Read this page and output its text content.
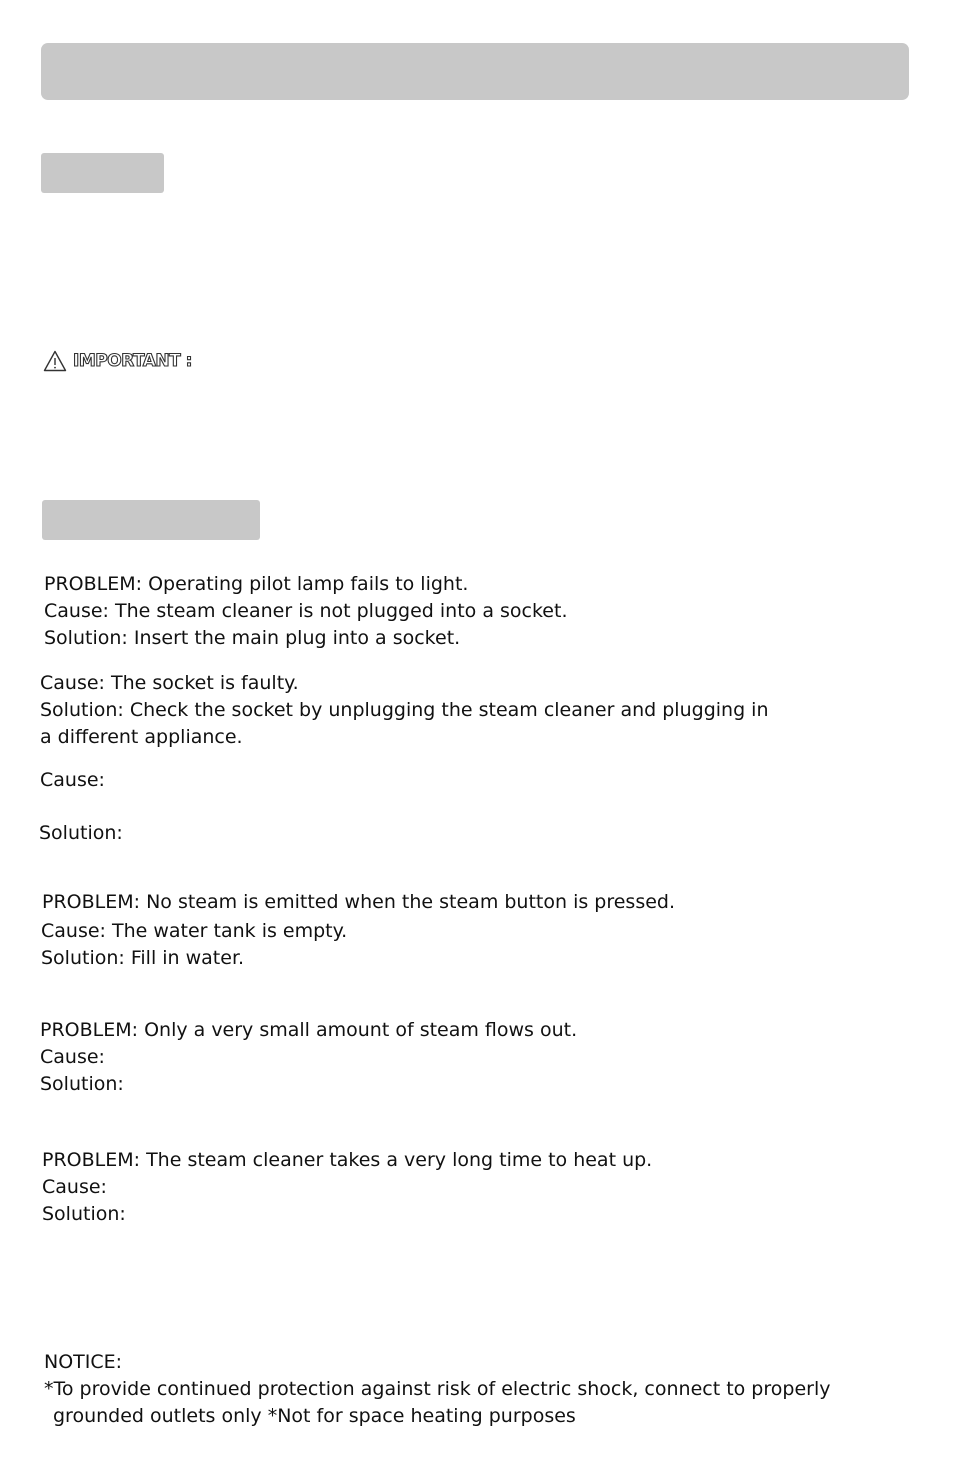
IMPORTANT :
PROBLEM: Operating pilot lamp fails to light.
Cause: The steam cleaner is not plugged into a socket.
Solution: Insert the main plug into a socket.
Cause: The socket is faulty.
Solution: Check the socket by unplugging the steam cleaner and plugging in
a different appliance.
Cause:
Solution:
PROBLEM: No steam is emitted when the steam button is pressed.
Cause: The water tank is empty.
Solution: Fill in water.
PROBLEM: Only a very small amount of steam flows out.
Cause:
Solution:
PROBLEM: The steam cleaner takes a very long time to heat up.
Cause:
Solution:
NOTICE:
*To provide continued protection against risk of electric shock, connect to properly
grounded outlets only *Not for space heating purposes
